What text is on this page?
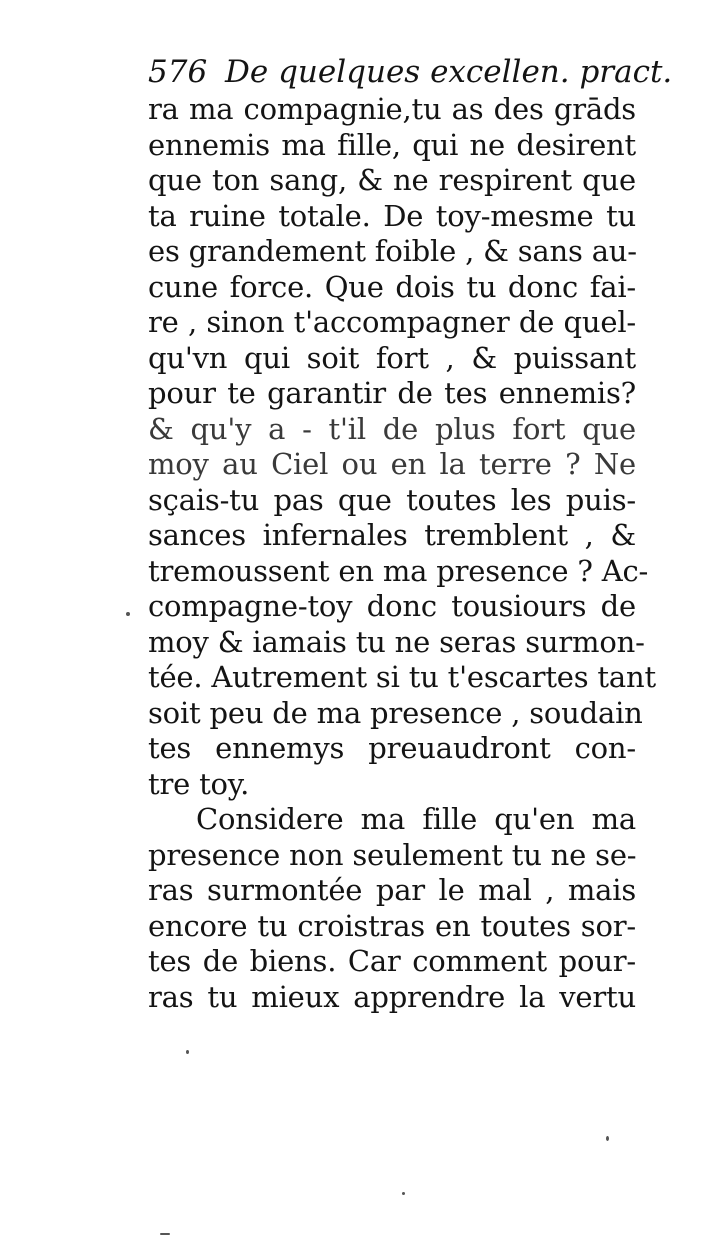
576 De quelques excellen. pract.
ra ma compagnie,tu as des grāds
ennemis ma fille, qui ne desirent
que ton sang, & ne respirent que
ta ruine totale. De toy-mesme tu
es grandement foible , & sans au-
cune force. Que dois tu donc fai-
re , sinon t'accompagner de quel-
qu'vn qui soit fort , & puissant
pour te garantir de tes ennemis?
& qu'y a - t'il de plus fort que
moy au Ciel ou en la terre ? Ne
sçais-tu pas que toutes les puis-
sances infernales tremblent , &
tremoussent en ma presence ? Ac-
compagne-toy donc tousiours de
moy & iamais tu ne seras surmon-
tée. Autrement si tu t'escartes tant
soit peu de ma presence , soudain
tes ennemys preuaudront con-
tre toy.
Considere ma fille qu'en ma
presence non seulement tu ne se-
ras surmontée par le mal , mais
encore tu croistras en toutes sor-
tes de biens. Car comment pour-
ras tu mieux apprendre la vertu
